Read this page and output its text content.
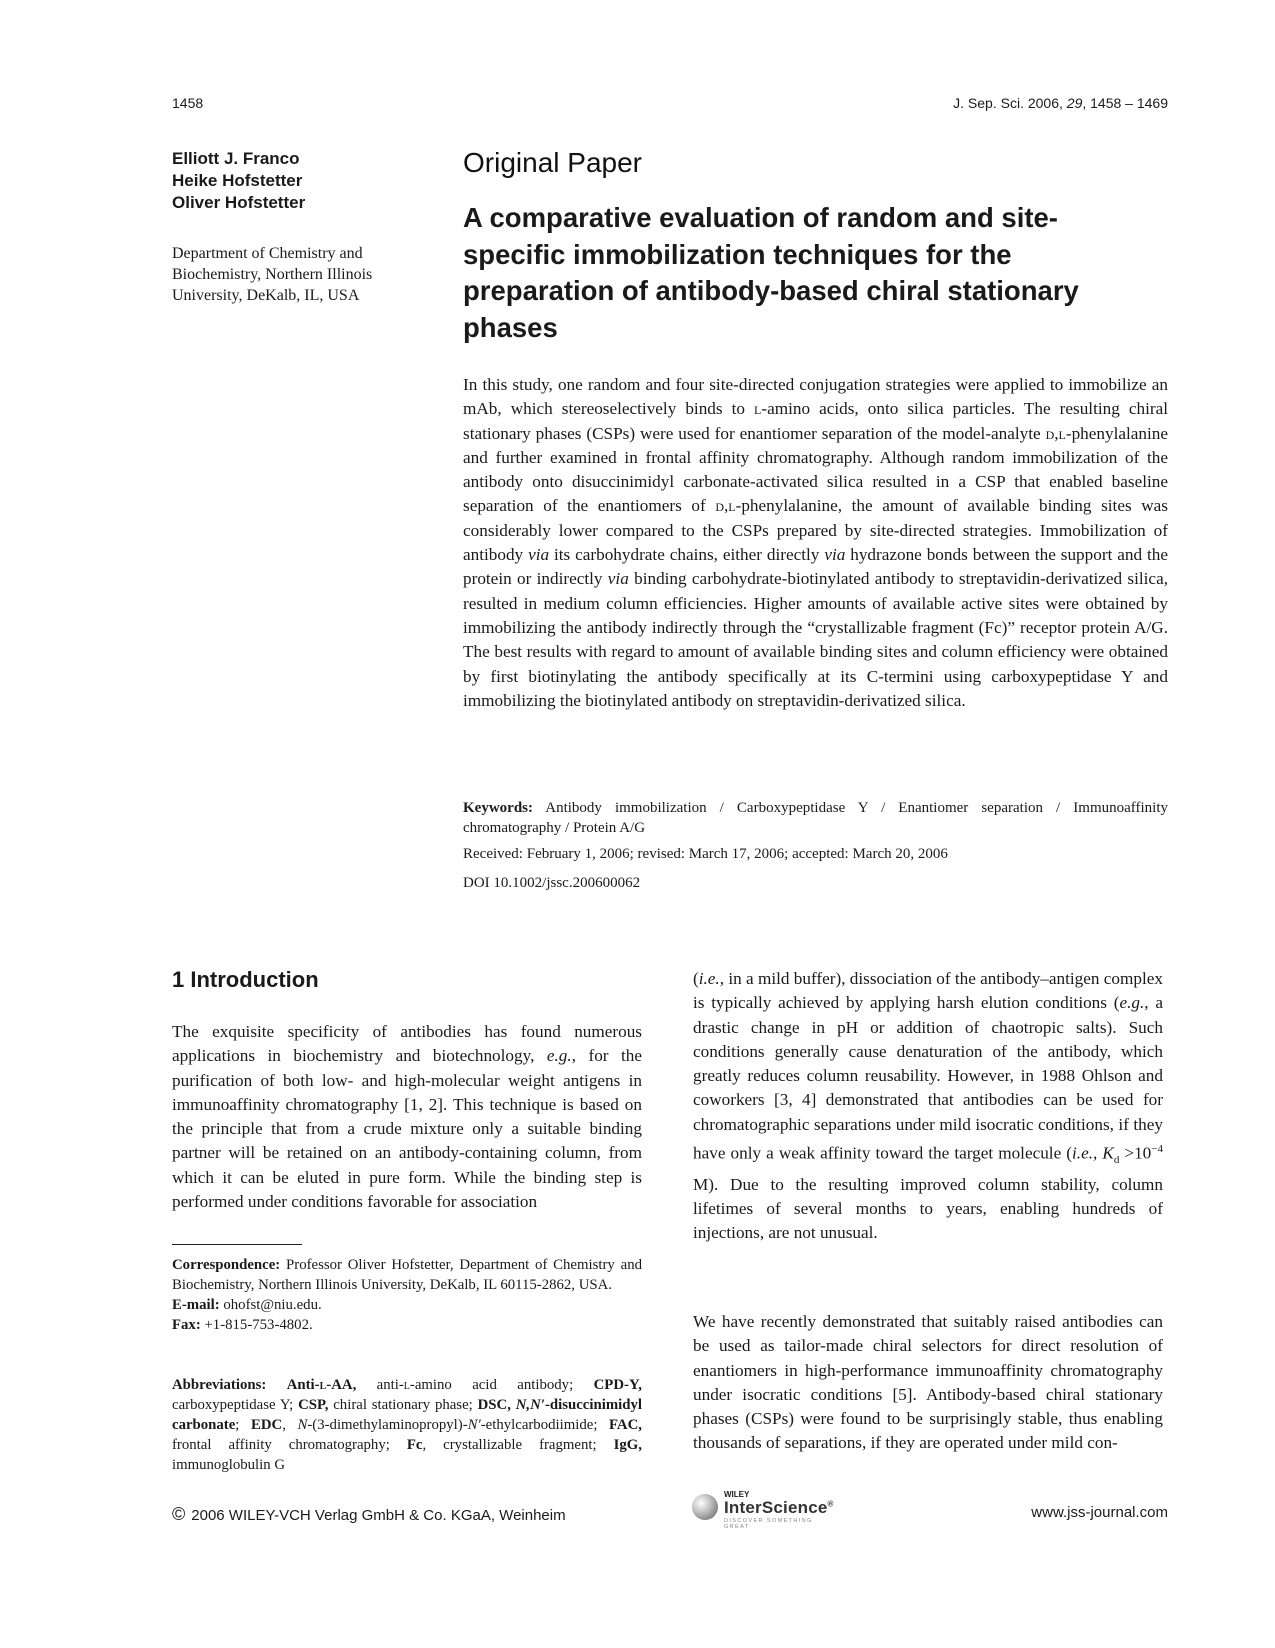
1458	J. Sep. Sci. 2006, 29, 1458 – 1469
Elliott J. Franco
Heike Hofstetter
Oliver Hofstetter
Department of Chemistry and Biochemistry, Northern Illinois University, DeKalb, IL, USA
Original Paper
A comparative evaluation of random and site-specific immobilization techniques for the preparation of antibody-based chiral stationary phases
In this study, one random and four site-directed conjugation strategies were applied to immobilize an mAb, which stereoselectively binds to l-amino acids, onto silica particles. The resulting chiral stationary phases (CSPs) were used for enantiomer separation of the model-analyte d,l-phenylalanine and further examined in frontal affinity chromatography. Although random immobilization of the antibody onto disuccinimidyl carbonate-activated silica resulted in a CSP that enabled baseline separation of the enantiomers of d,l-phenylalanine, the amount of available binding sites was considerably lower compared to the CSPs prepared by site-directed strategies. Immobilization of antibody via its carbohydrate chains, either directly via hydrazone bonds between the support and the protein or indirectly via binding carbohydrate-biotinylated antibody to streptavidin-derivatized silica, resulted in medium column efficiencies. Higher amounts of available active sites were obtained by immobilizing the antibody indirectly through the “crystallizable fragment (Fc)” receptor protein A/G. The best results with regard to amount of available binding sites and column efficiency were obtained by first biotinylating the antibody specifically at its C-termini using carboxypeptidase Y and immobilizing the biotinylated antibody on streptavidin-derivatized silica.
Keywords: Antibody immobilization / Carboxypeptidase Y / Enantiomer separation / Immunoaffinity chromatography / Protein A/G
Received: February 1, 2006; revised: March 17, 2006; accepted: March 20, 2006
DOI 10.1002/jssc.200600062
1 Introduction
The exquisite specificity of antibodies has found numerous applications in biochemistry and biotechnology, e.g., for the purification of both low- and high-molecular weight antigens in immunoaffinity chromatography [1, 2]. This technique is based on the principle that from a crude mixture only a suitable binding partner will be retained on an antibody-containing column, from which it can be eluted in pure form. While the binding step is performed under conditions favorable for association
Correspondence: Professor Oliver Hofstetter, Department of Chemistry and Biochemistry, Northern Illinois University, DeKalb, IL 60115-2862, USA.
E-mail: ohofst@niu.edu.
Fax: +1-815-753-4802.
Abbreviations: Anti-l-AA, anti-l-amino acid antibody; CPD-Y, carboxypeptidase Y; CSP, chiral stationary phase; DSC, N,N′-disuccinimidyl carbonate; EDC, N-(3-dimethylaminopropyl)-N′-ethylcarbodiimide; FAC, frontal affinity chromatography; Fc, crystallizable fragment; IgG, immunoglobulin G
(i.e., in a mild buffer), dissociation of the antibody–antigen complex is typically achieved by applying harsh elution conditions (e.g., a drastic change in pH or addition of chaotropic salts). Such conditions generally cause denaturation of the antibody, which greatly reduces column reusability. However, in 1988 Ohlson and coworkers [3, 4] demonstrated that antibodies can be used for chromatographic separations under mild isocratic conditions, if they have only a weak affinity toward the target molecule (i.e., $K_d >10^{-4}$ M). Due to the resulting improved column stability, column lifetimes of several months to years, enabling hundreds of injections, are not unusual.
We have recently demonstrated that suitably raised antibodies can be used as tailor-made chiral selectors for direct resolution of enantiomers in high-performance immunoaffinity chromatography under isocratic conditions [5]. Antibody-based chiral stationary phases (CSPs) were found to be surprisingly stable, thus enabling thousands of separations, if they are operated under mild con-
© 2006 WILEY-VCH Verlag GmbH & Co. KGaA, Weinheim
WILEY
InterScience®
DISCOVER SOMETHING GREAT
www.jss-journal.com
